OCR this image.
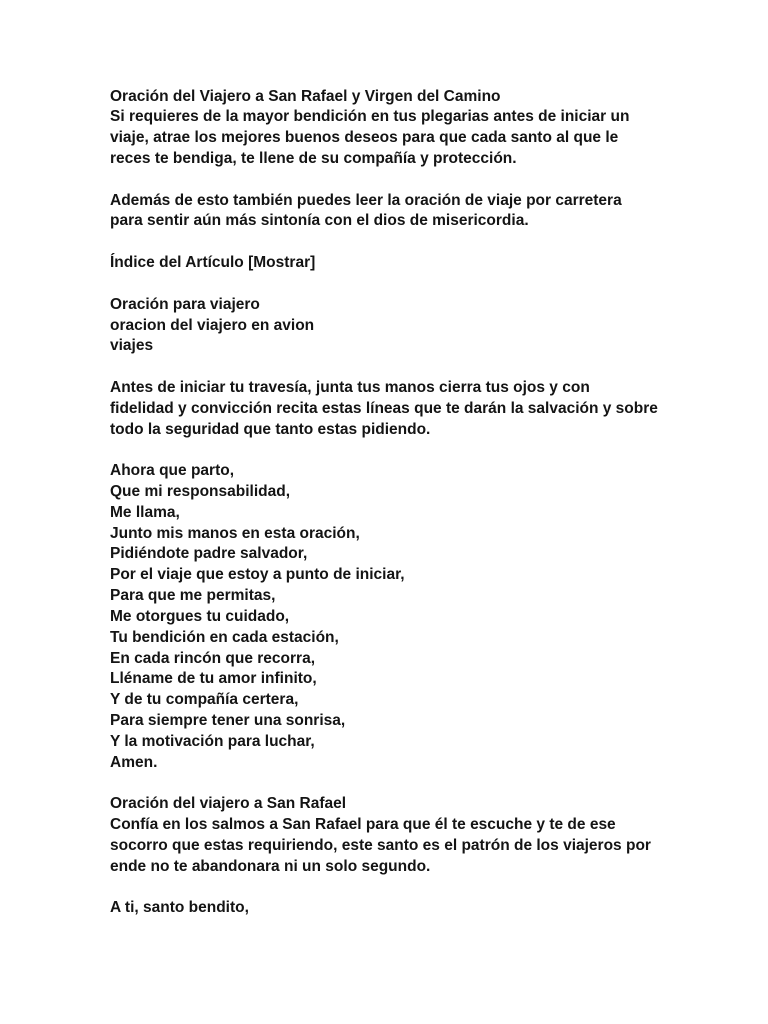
Oración del Viajero a San Rafael y Virgen del Camino
Si requieres de la mayor bendición en tus plegarias antes de iniciar un
viaje, atrae los mejores buenos deseos para que cada santo al que le
reces te bendiga, te llene de su compañía y protección.
Además de esto también puedes leer la oración de viaje por carretera
para sentir aún más sintonía con el dios de misericordia.
Índice del Artículo [Mostrar]
Oración para viajero
oracion del viajero en avion
viajes
Antes de iniciar tu travesía, junta tus manos cierra tus ojos y con
fidelidad y convicción recita estas líneas que te darán la salvación y sobre
todo la seguridad que tanto estas pidiendo.
Ahora que parto,
Que mi responsabilidad,
Me llama,
Junto mis manos en esta oración,
Pidiéndote padre salvador,
Por el viaje que estoy a punto de iniciar,
Para que me permitas,
Me otorgues tu cuidado,
Tu bendición en cada estación,
En cada rincón que recorra,
Lléname de tu amor infinito,
Y de tu compañía certera,
Para siempre tener una sonrisa,
Y la motivación para luchar,
Amen.
Oración del viajero a San Rafael
Confía en los salmos a San Rafael para que él te escuche y te de ese
socorro que estas requiriendo, este santo es el patrón de los viajeros por
ende no te abandonara ni un solo segundo.
A ti, santo bendito,
